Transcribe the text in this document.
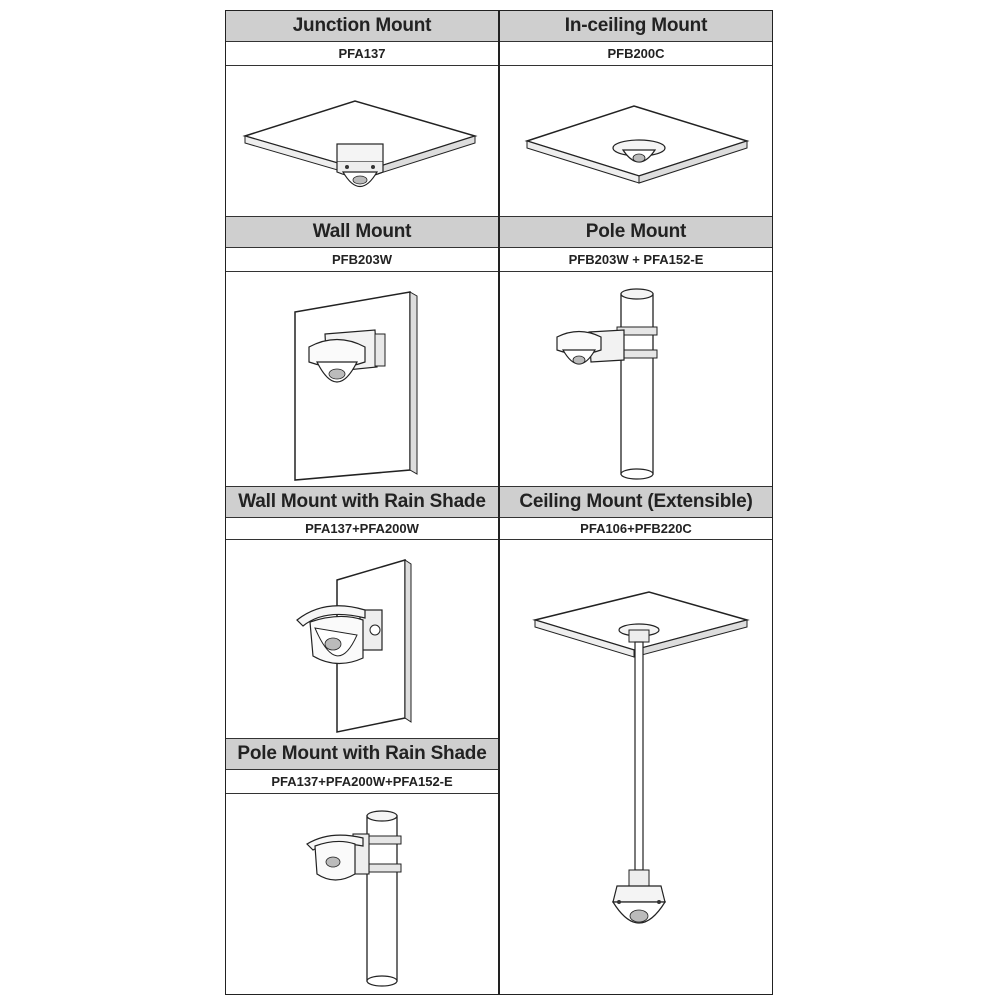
Junction Mount	In-ceiling Mount
PFA137	PFB200C
Wall Mount	Pole Mount
PFB203W	PFB203W + PFA152-E
Wall Mount with Rain Shade	Ceiling Mount (Extensible)
PFA137+PFA200W	PFA106+PFB220C
Pole Mount with Rain Shade
PFA137+PFA200W+PFA152-E
